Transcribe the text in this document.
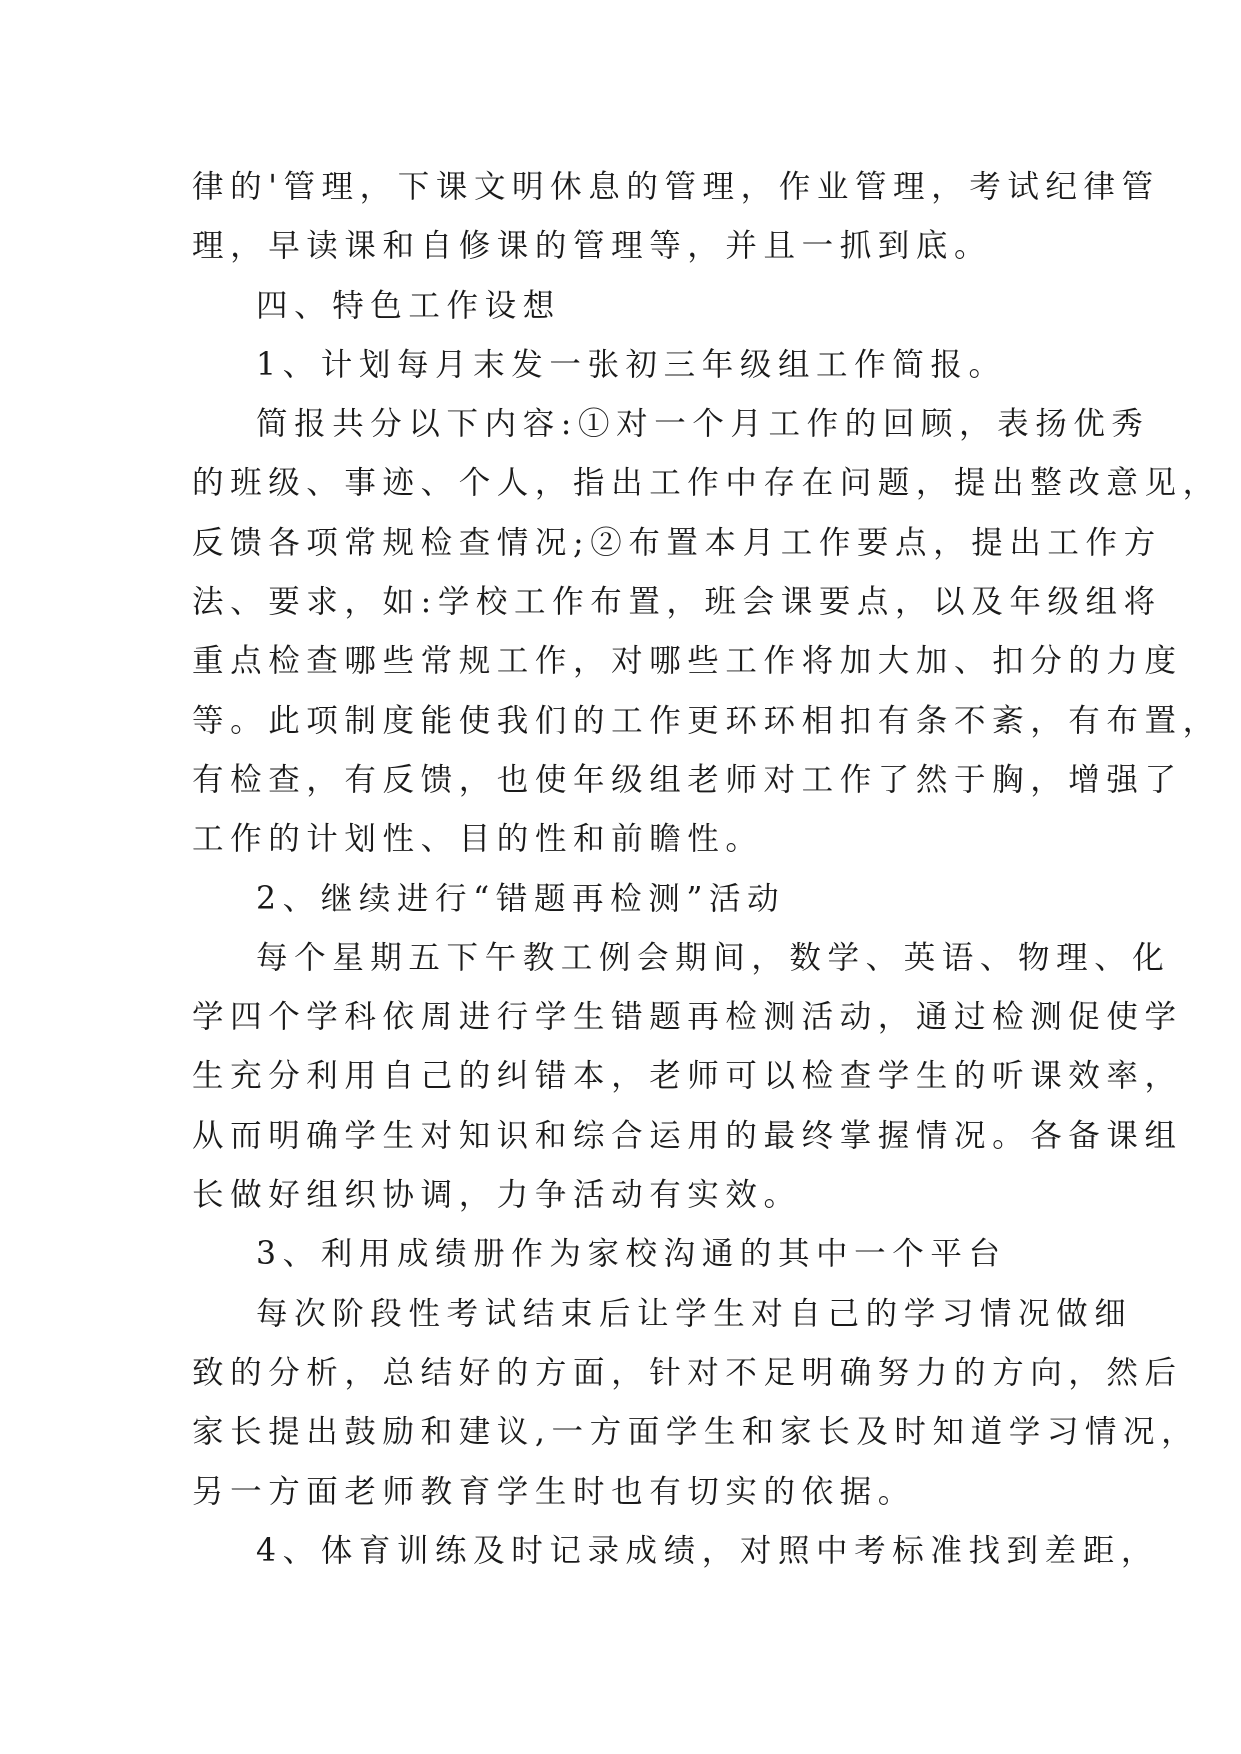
律的'管理，下课文明休息的管理，作业管理，考试纪律管
理，早读课和自修课的管理等，并且一抓到底。
四、特色工作设想
1、计划每月末发一张初三年级组工作简报。
简报共分以下内容:①对一个月工作的回顾，表扬优秀
的班级、事迹、个人，指出工作中存在问题，提出整改意见，
反馈各项常规检查情况;②布置本月工作要点，提出工作方
法、要求，如:学校工作布置，班会课要点，以及年级组将
重点检查哪些常规工作，对哪些工作将加大加、扣分的力度
等。此项制度能使我们的工作更环环相扣有条不紊，有布置，
有检查，有反馈，也使年级组老师对工作了然于胸，增强了
工作的计划性、目的性和前瞻性。
2、继续进行“错题再检测”活动
每个星期五下午教工例会期间，数学、英语、物理、化
学四个学科依周进行学生错题再检测活动，通过检测促使学
生充分利用自己的纠错本，老师可以检查学生的听课效率，
从而明确学生对知识和综合运用的最终掌握情况。各备课组
长做好组织协调，力争活动有实效。
3、利用成绩册作为家校沟通的其中一个平台
每次阶段性考试结束后让学生对自己的学习情况做细
致的分析，总结好的方面，针对不足明确努力的方向，然后
家长提出鼓励和建议,一方面学生和家长及时知道学习情况，
另一方面老师教育学生时也有切实的依据。
4、体育训练及时记录成绩，对照中考标准找到差距，
